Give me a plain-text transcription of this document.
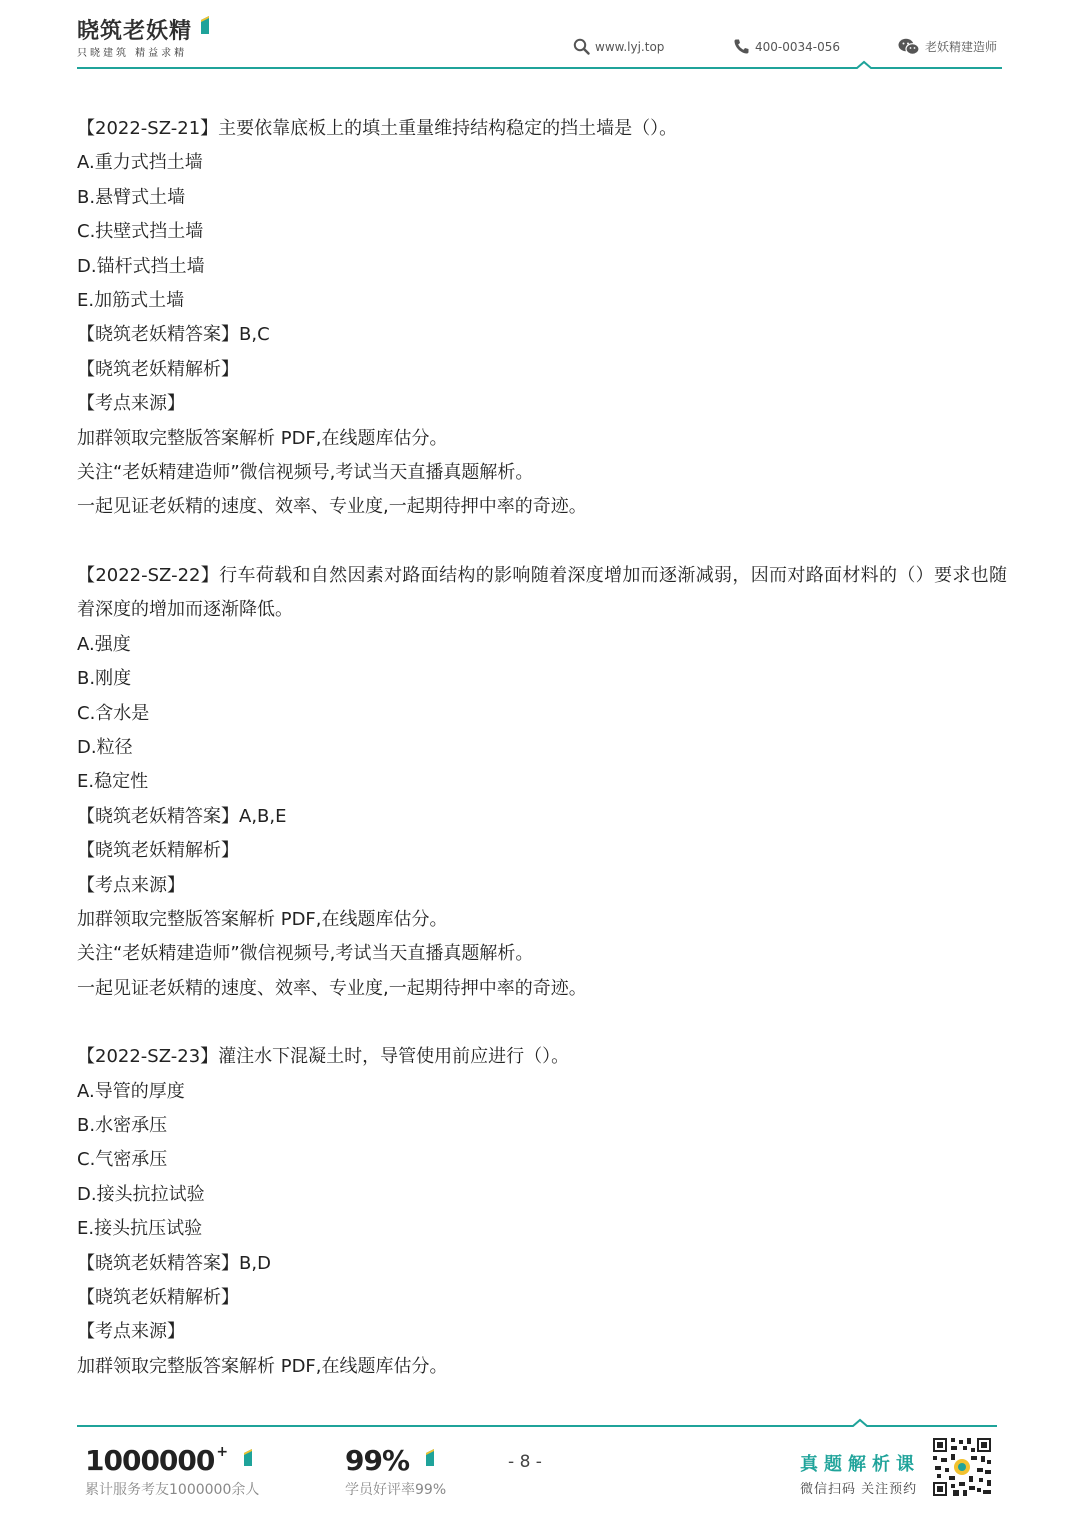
晓筑老妖精
只晓建筑 精益求精	www.lyj.top	400-0034-056	老妖精建造师
【2022-SZ-21】主要依靠底板上的填土重量维持结构稳定的挡土墙是（）。
A.重力式挡土墙
B.悬臂式土墙
C.扶壁式挡土墙
D.锚杆式挡土墙
E.加筋式土墙
【晓筑老妖精答案】B,C
【晓筑老妖精解析】
【考点来源】
加群领取完整版答案解析 PDF,在线题库估分。
关注“老妖精建造师”微信视频号,考试当天直播真题解析。
一起见证老妖精的速度、效率、专业度,一起期待押中率的奇迹。
【2022-SZ-22】行车荷载和自然因素对路面结构的影响随着深度增加而逐渐减弱，因而对路面材料的（）要求也随着深度的增加而逐渐降低。
A.强度
B.刚度
C.含水是
D.粒径
E.稳定性
【晓筑老妖精答案】A,B,E
【晓筑老妖精解析】
【考点来源】
加群领取完整版答案解析 PDF,在线题库估分。
关注“老妖精建造师”微信视频号,考试当天直播真题解析。
一起见证老妖精的速度、效率、专业度,一起期待押中率的奇迹。
【2022-SZ-23】灌注水下混凝土时，导管使用前应进行（）。
A.导管的厚度
B.水密承压
C.气密承压
D.接头抗拉试验
E.接头抗压试验
【晓筑老妖精答案】B,D
【晓筑老妖精解析】
【考点来源】
加群领取完整版答案解析 PDF,在线题库估分。
1000000+
累计服务考友1000000余人
99%
学员好评率99%
- 8 -	真题解析课
微信扫码 关注预约
